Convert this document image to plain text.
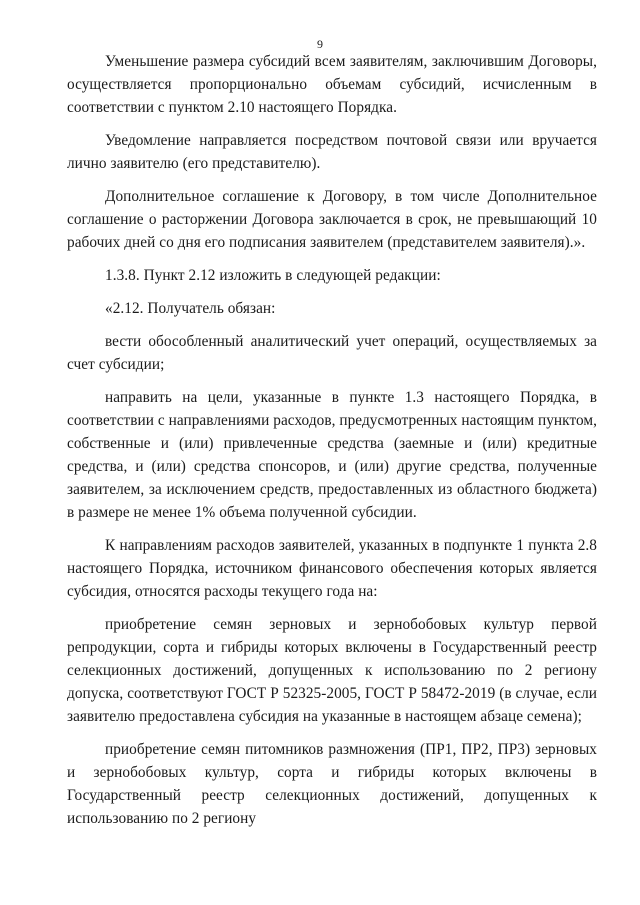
9

Уменьшение размера субсидий всем заявителям, заключившим Договоры, осуществляется пропорционально объемам субсидий, исчисленным в соответствии с пунктом 2.10 настоящего Порядка.

Уведомление направляется посредством почтовой связи или вручается лично заявителю (его представителю).

Дополнительное соглашение к Договору, в том числе Дополнительное соглашение о расторжении Договора заключается в срок, не превышающий 10 рабочих дней со дня его подписания заявителем (представителем заявителя).».

1.3.8. Пункт 2.12 изложить в следующей редакции:

«2.12. Получатель обязан:

вести обособленный аналитический учет операций, осуществляемых за счет субсидии;

направить на цели, указанные в пункте 1.3 настоящего Порядка, в соответствии с направлениями расходов, предусмотренных настоящим пунктом, собственные и (или) привлеченные средства (заемные и (или) кредитные средства, и (или) средства спонсоров, и (или) другие средства, полученные заявителем, за исключением средств, предоставленных из областного бюджета) в размере не менее 1% объема полученной субсидии.

К направлениям расходов заявителей, указанных в подпункте 1 пункта 2.8 настоящего Порядка, источником финансового обеспечения которых является субсидия, относятся расходы текущего года на:

приобретение семян зерновых и зернобобовых культур первой репродукции, сорта и гибриды которых включены в Государственный реестр селекционных достижений, допущенных к использованию по 2 региону допуска, соответствуют ГОСТ Р 52325-2005, ГОСТ Р 58472-2019 (в случае, если заявителю предоставлена субсидия на указанные в настоящем абзаце семена);

приобретение семян питомников размножения (ПР1, ПР2, ПР3) зерновых и зернобобовых культур, сорта и гибриды которых включены в Государственный реестр селекционных достижений, допущенных к использованию по 2 региону
